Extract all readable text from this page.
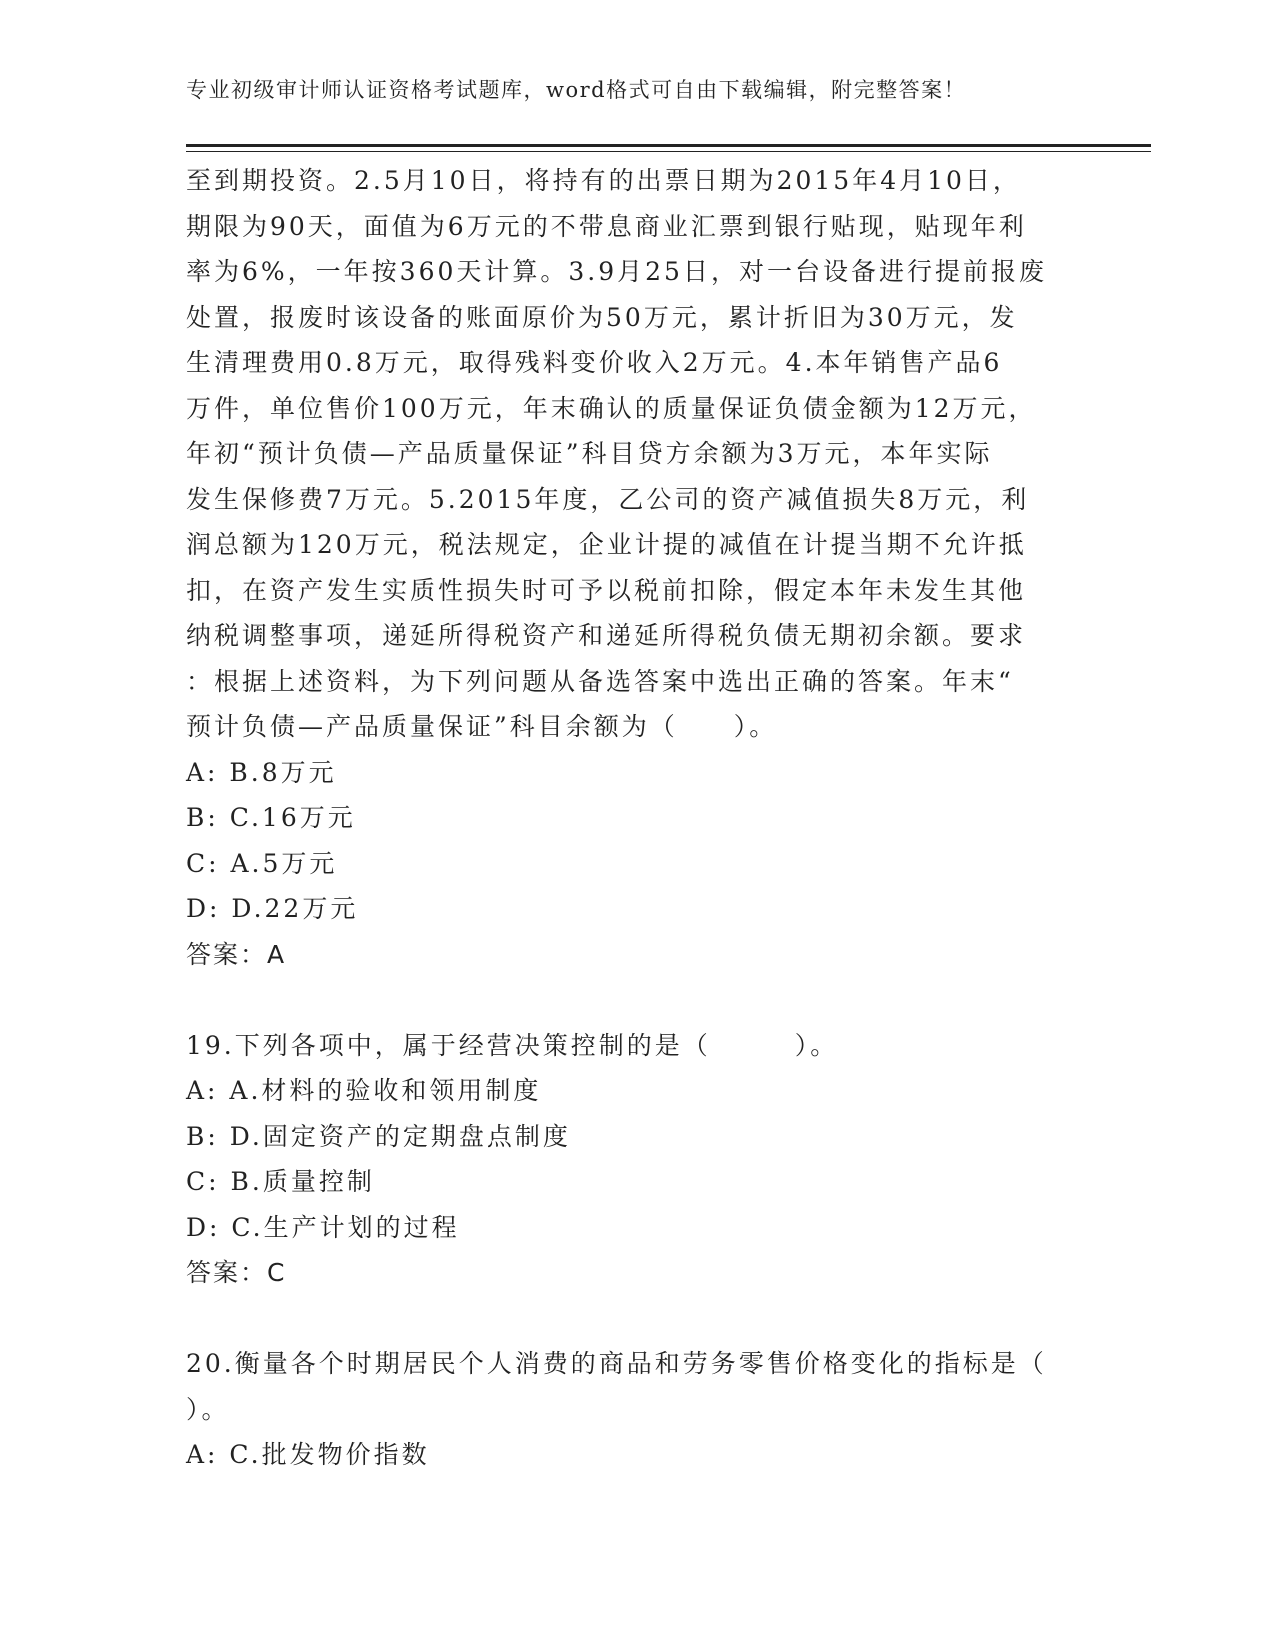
专业初级审计师认证资格考试题库，word格式可自由下载编辑，附完整答案！
至到期投资。2.5月10日，将持有的出票日期为2015年4月10日，
期限为90天，面值为6万元的不带息商业汇票到银行贴现，贴现年利
率为6%，一年按360天计算。3.9月25日，对一台设备进行提前报废
处置，报废时该设备的账面原价为50万元，累计折旧为30万元，发
生清理费用0.8万元，取得残料变价收入2万元。4.本年销售产品6
万件，单位售价100万元，年末确认的质量保证负债金额为12万元，
年初“预计负债—产品质量保证”科目贷方余额为3万元，本年实际
发生保修费7万元。5.2015年度，乙公司的资产减值损失8万元，利
润总额为120万元，税法规定，企业计提的减值在计提当期不允许抵
扣，在资产发生实质性损失时可予以税前扣除，假定本年未发生其他
纳税调整事项，递延所得税资产和递延所得税负债无期初余额。要求
：根据上述资料，为下列问题从备选答案中选出正确的答案。年末“
预计负债—产品质量保证”科目余额为（　　）。
A: B.8万元
B: C.16万元
C: A.5万元
D: D.22万元
答案：A
19.下列各项中，属于经营决策控制的是（　　　）。
A: A.材料的验收和领用制度
B: D.固定资产的定期盘点制度
C: B.质量控制
D: C.生产计划的过程
答案：C
20.衡量各个时期居民个人消费的商品和劳务零售价格变化的指标是（
）。
A: C.批发物价指数
